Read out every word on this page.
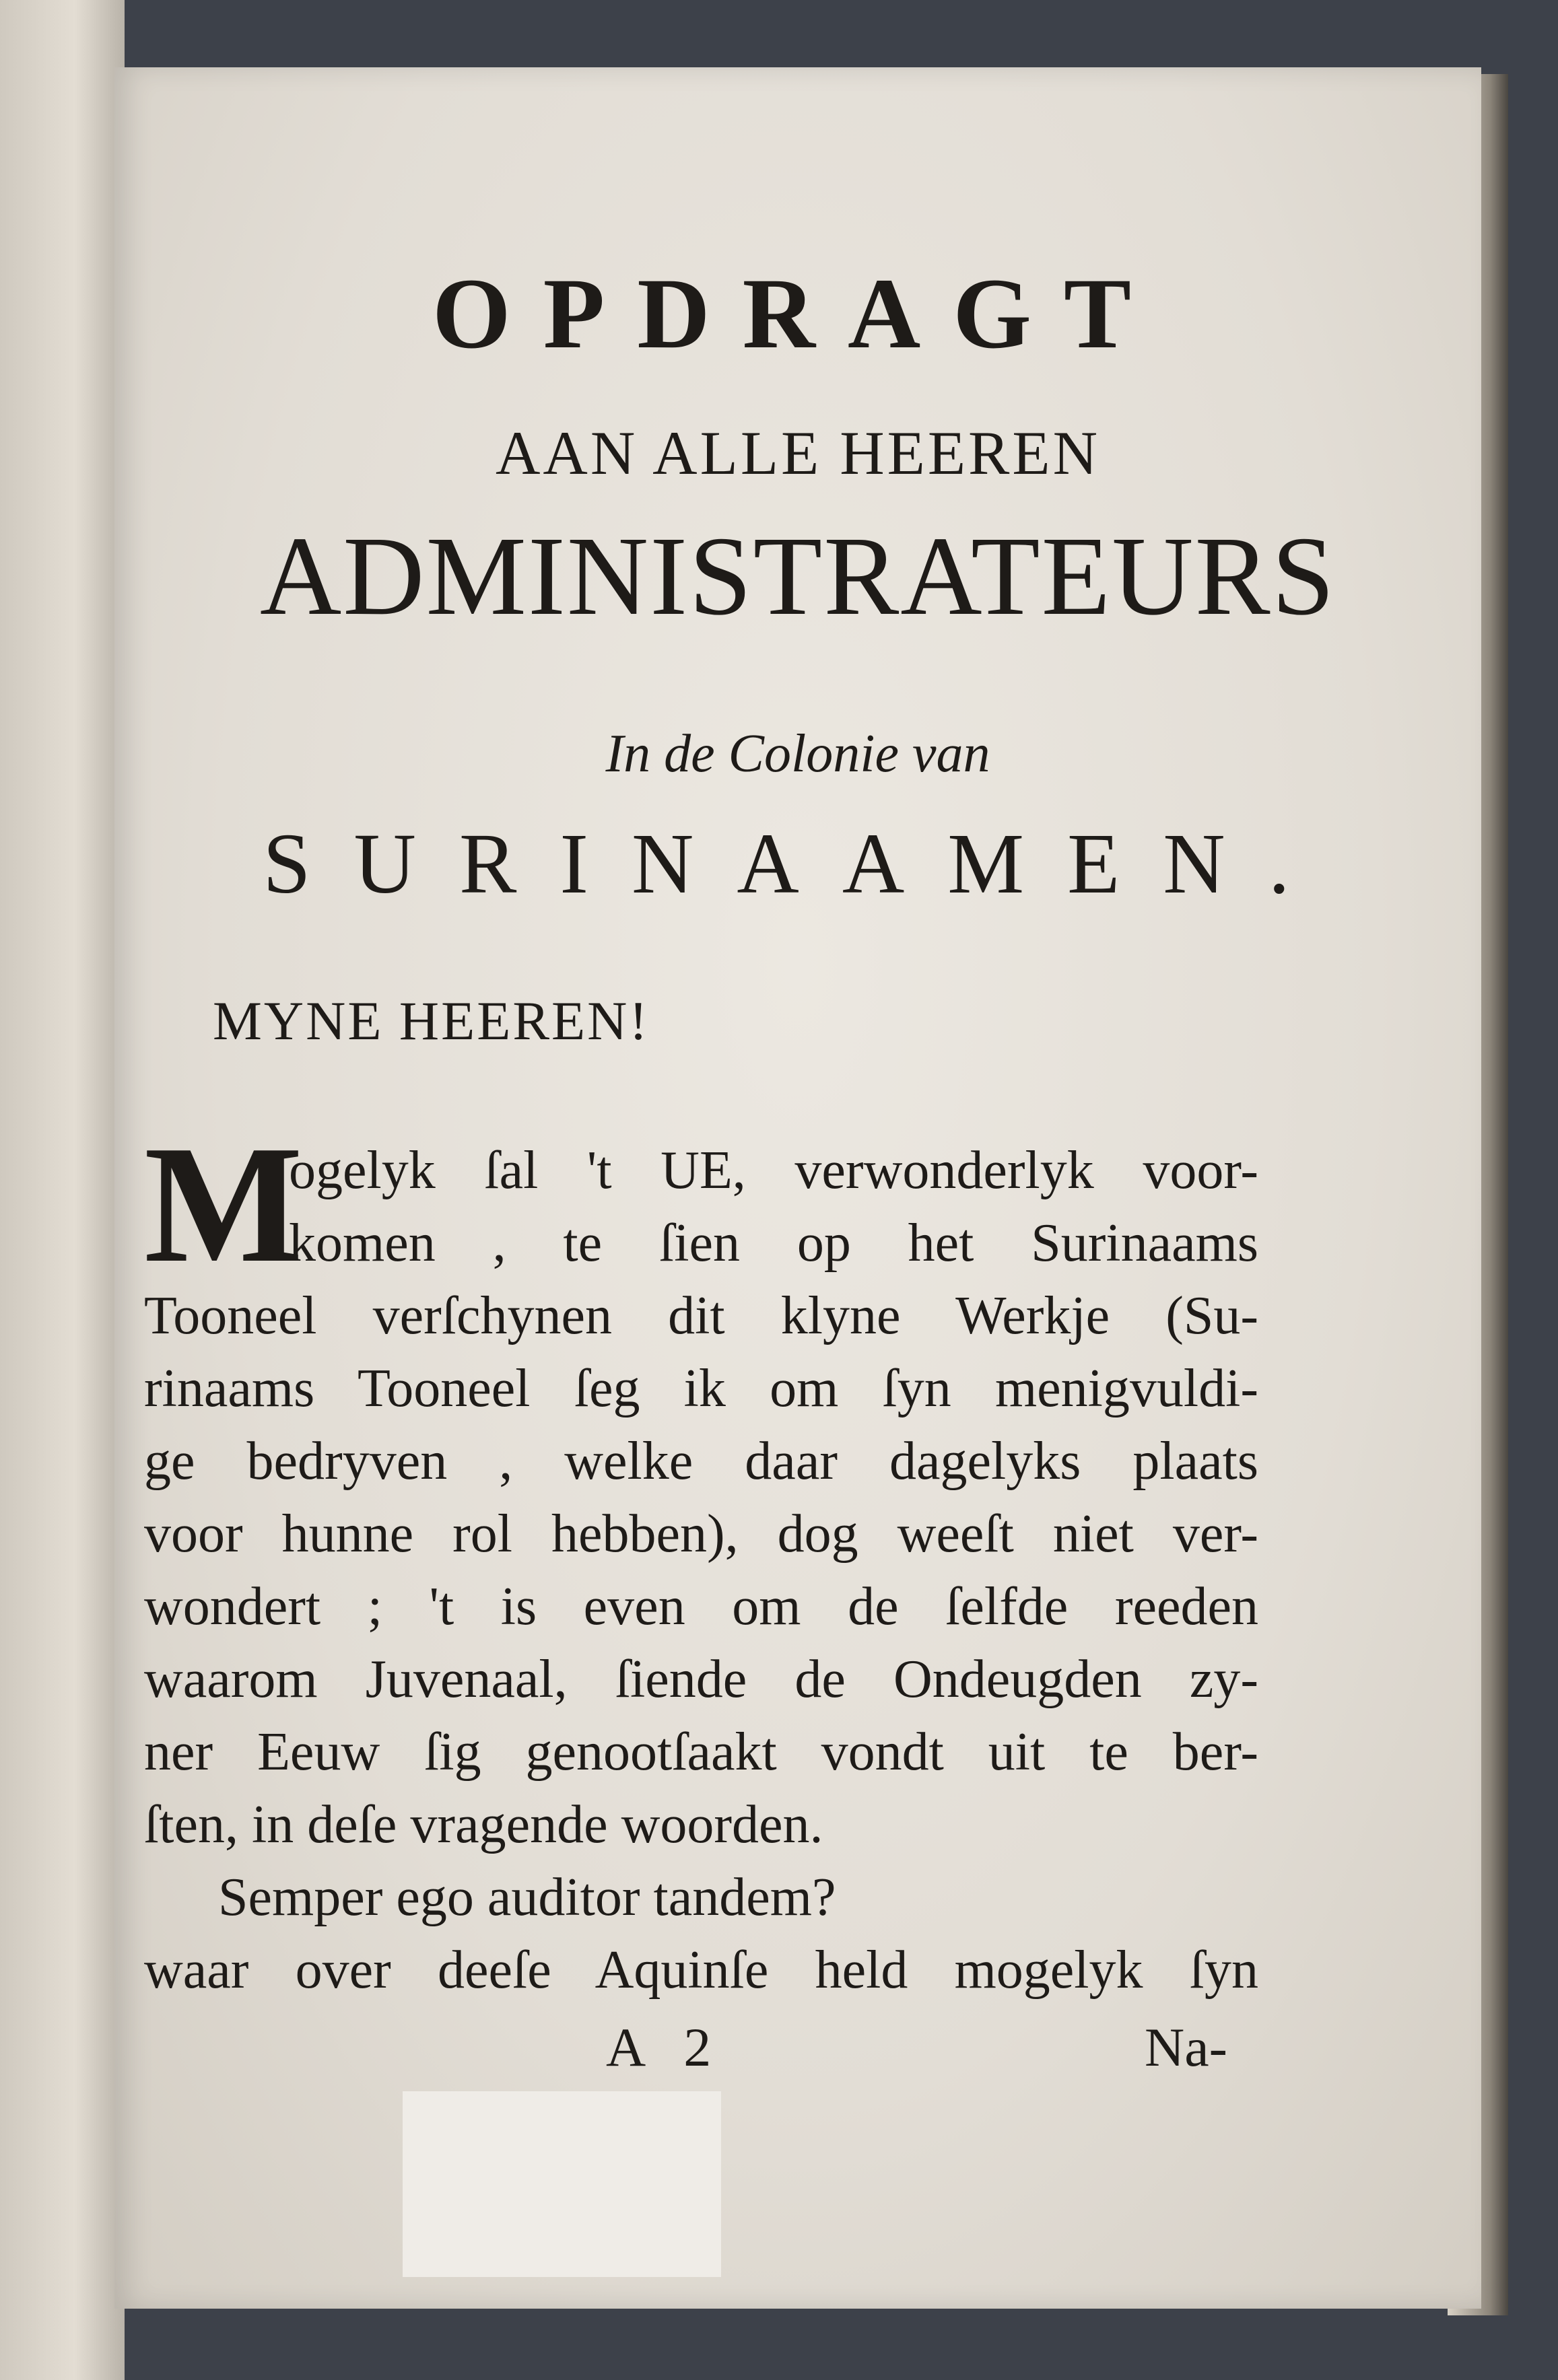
OPDRAGT
AAN ALLE HEEREN
ADMINISTRATEURS
In de Colonie van
SURINAAMEN.
MYNE HEEREN!
M
ogelyk ſal 't UE, verwonderlyk voor-
komen , te ſien op het Surinaams
Tooneel verſchynen dit klyne Werkje (Su-
rinaams Tooneel ſeg ik om ſyn menigvuldi-
ge bedryven , welke daar dagelyks plaats
voor hunne rol hebben), dog weeſt niet ver-
wondert ; 't is even om de ſelfde reeden
waarom Juvenaal, ſiende de Ondeugden zy-
ner Eeuw ſig genootſaakt vondt uit te ber-
ſten, in deſe vragende woorden.
Semper ego auditor tandem?
waar over deeſe Aquinſe held mogelyk ſyn
A 2	Na-
